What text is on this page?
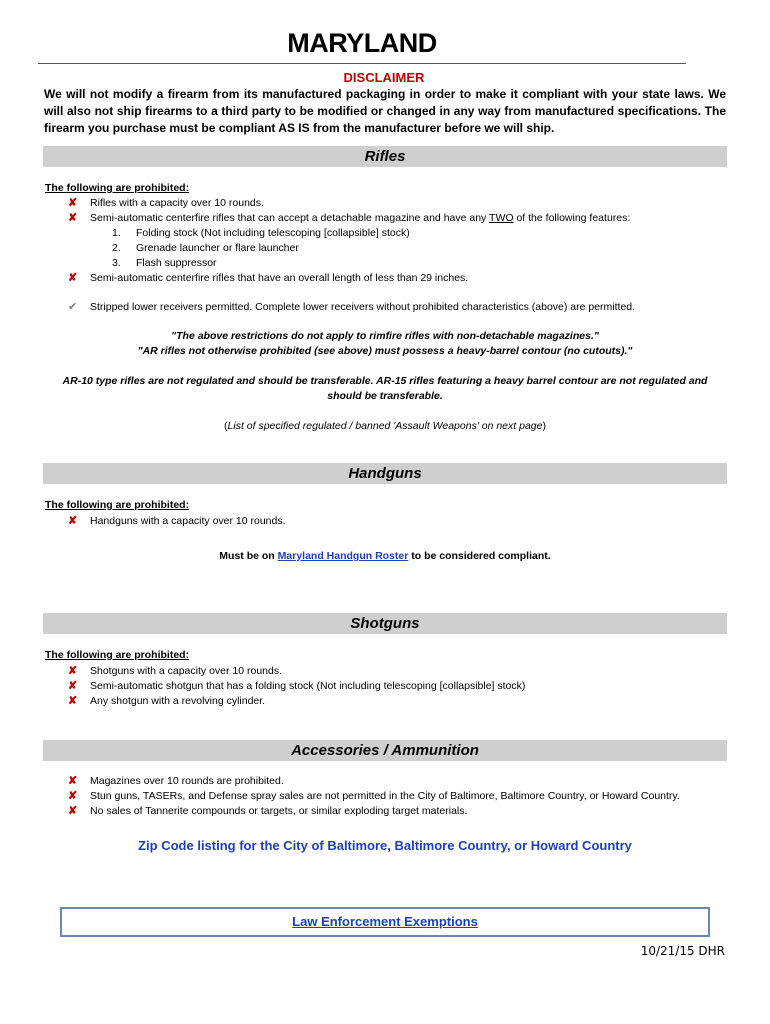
MARYLAND
DISCLAIMER
We will not modify a firearm from its manufactured packaging in order to make it compliant with your state laws. We will also not ship firearms to a third party to be modified or changed in any way from manufactured specifications. The firearm you purchase must be compliant AS IS from the manufacturer before we will ship.
Rifles
The following are prohibited:
✘ Rifles with a capacity over 10 rounds.
✘ Semi-automatic centerfire rifles that can accept a detachable magazine and have any TWO of the following features:
1. Folding stock (Not including telescoping [collapsible] stock)
2. Grenade launcher or flare launcher
3. Flash suppressor
✘ Semi-automatic centerfire rifles that have an overall length of less than 29 inches.
✔ Stripped lower receivers permitted. Complete lower receivers without prohibited characteristics (above) are permitted.
"The above restrictions do not apply to rimfire rifles with non-detachable magazines."
"AR rifles not otherwise prohibited (see above) must possess a heavy-barrel contour (no cutouts)."
AR-10 type rifles are not regulated and should be transferable. AR-15 rifles featuring a heavy barrel contour are not regulated and should be transferable.
(List of specified regulated / banned 'Assault Weapons' on next page)
Handguns
The following are prohibited:
✘ Handguns with a capacity over 10 rounds.
Must be on Maryland Handgun Roster to be considered compliant.
Shotguns
The following are prohibited:
✘ Shotguns with a capacity over 10 rounds.
✘ Semi-automatic shotgun that has a folding stock (Not including telescoping [collapsible] stock)
✘ Any shotgun with a revolving cylinder.
Accessories / Ammunition
✘ Magazines over 10 rounds are prohibited.
✘ Stun guns, TASERs, and Defense spray sales are not permitted in the City of Baltimore, Baltimore Country, or Howard Country.
✘ No sales of Tannerite compounds or targets, or similar exploding target materials.
Zip Code listing for the City of Baltimore, Baltimore Country, or Howard Country
Law Enforcement Exemptions
10/21/15 DHR
